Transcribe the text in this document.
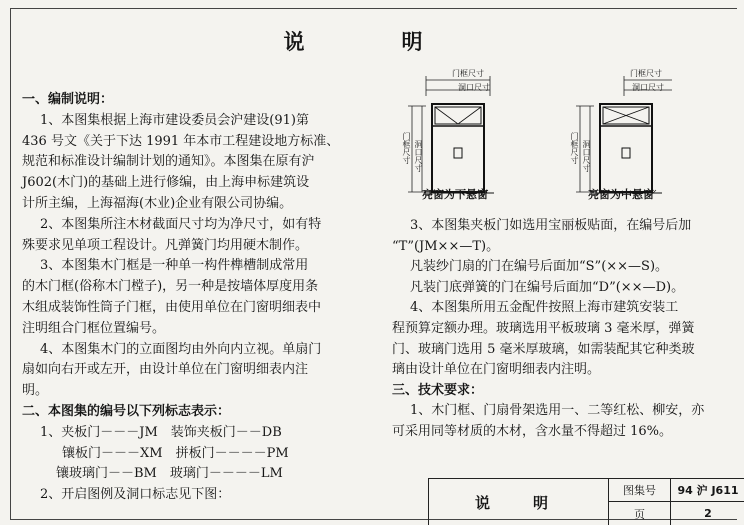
说　明
一、编制说明：
1、本图集根据上海市建设委员会沪建设(91)第
436 号文《关于下达 1991 年本市工程建设地方标准、
规范和标准设计编制计划的通知》。本图集在原有沪
J602(木门)的基础上进行修编，由上海申标建筑设
计所主编，上海福海(木业)企业有限公司协编。
2、本图集所注木材截面尺寸均为净尺寸，如有特
殊要求见单项工程设计。凡弹簧门均用硬木制作。
3、本图集木门框是一种单一构件榫槽制成常用
的木门框(俗称木门樘子)，另一种是按墙体厚度用条
木组成装饰性筒子门框，由使用单位在门窗明细表中
注明组合门框位置编号。
4、本图集木门的立面图均由外向内立视。单扇门
扇如向右开或左开，由设计单位在门窗明细表内注
明。
二、本图集的编号以下列标志表示：
1、夹板门－－－JM　装饰夹板门－－DB
镶板门－－－XM　拼板门－－－－PM
镶玻璃门－－BM　玻璃门－－－－LM
2、开启图例及洞口标志见下图：
3、本图集夹板门如选用宝丽板贴面，在编号后加
“T”(JM××—T)。
凡装纱门扇的门在编号后面加“S”(××—S)。
凡装门底弹簧的门在编号后面加“D”(××—D)。
4、本图集所用五金配件按照上海市建筑安装工
程预算定额办理。玻璃选用平板玻璃 3 毫米厚，弹簧
门、玻璃门选用 5 毫米厚玻璃，如需装配其它种类玻
璃由设计单位在门窗明细表内注明。
三、技术要求：
1、木门框、门扇骨架选用一、二等红松、柳安，亦
可采用同等材质的木材，含水量不得超过 16%。
门框尺寸
洞口尺寸
门框尺寸 洞口尺寸
亮窗为下悬窗
门框尺寸
洞口尺寸
门框尺寸 洞口尺寸
亮窗为中悬窗
说　明
图集号	94 沪 J611
页	2
